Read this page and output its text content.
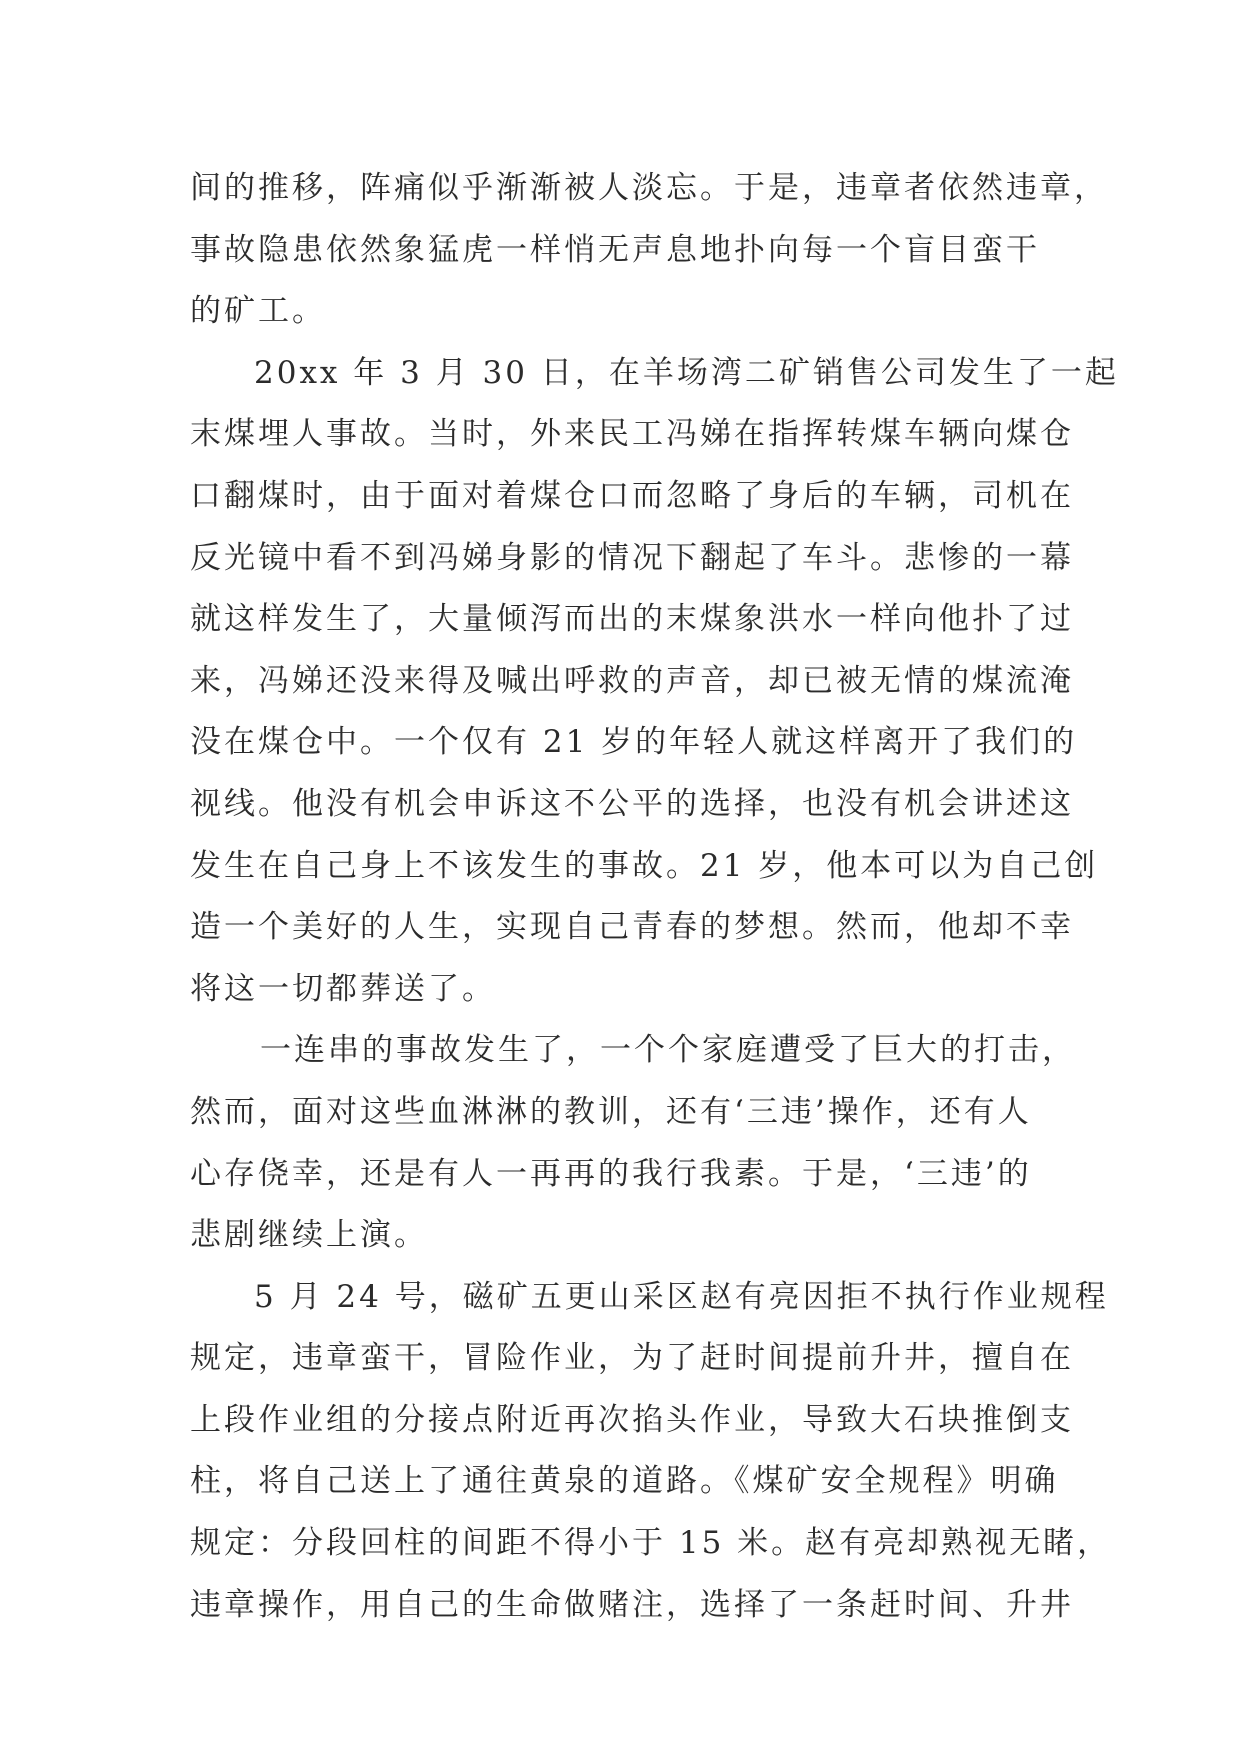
间的推移，阵痛似乎渐渐被人淡忘。于是，违章者依然违章，
事故隐患依然象猛虎一样悄无声息地扑向每一个盲目蛮干
的矿工。
20xx 年 3 月 30 日，在羊场湾二矿销售公司发生了一起
末煤埋人事故。当时，外来民工冯娣在指挥转煤车辆向煤仓
口翻煤时，由于面对着煤仓口而忽略了身后的车辆，司机在
反光镜中看不到冯娣身影的情况下翻起了车斗。悲惨的一幕
就这样发生了，大量倾泻而出的末煤象洪水一样向他扑了过
来，冯娣还没来得及喊出呼救的声音，却已被无情的煤流淹
没在煤仓中。一个仅有 21 岁的年轻人就这样离开了我们的
视线。他没有机会申诉这不公平的选择，也没有机会讲述这
发生在自己身上不该发生的事故。21 岁，他本可以为自己创
造一个美好的人生，实现自己青春的梦想。然而，他却不幸
将这一切都葬送了。
一连串的事故发生了，一个个家庭遭受了巨大的打击，
然而，面对这些血淋淋的教训，还有‘三违’操作，还有人
心存侥幸，还是有人一再再的我行我素。于是，‘三违’的
悲剧继续上演。
5 月 24 号，磁矿五更山采区赵有亮因拒不执行作业规程
规定，违章蛮干，冒险作业，为了赶时间提前升井，擅自在
上段作业组的分接点附近再次掐头作业，导致大石块推倒支
柱，将自己送上了通往黄泉的道路。《煤矿安全规程》明确
规定：分段回柱的间距不得小于 15 米。赵有亮却熟视无睹，
违章操作，用自己的生命做赌注，选择了一条赶时间、升井
